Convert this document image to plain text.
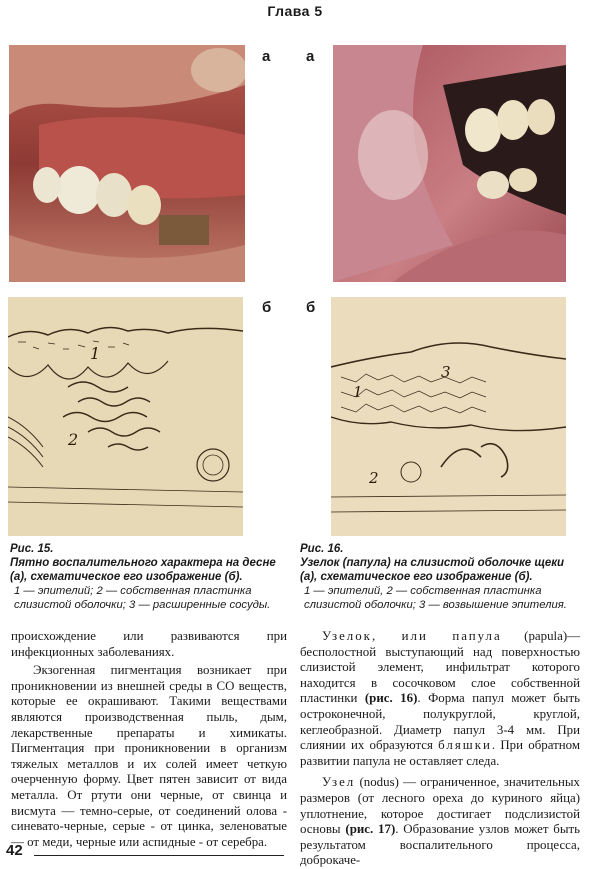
Глава 5
а
б
а
б
1
2
1
2
3
Рис. 15.
Пятно воспалительного характера на десне (а), схематическое его изображение (б).
1 — эпителий; 2 — собственная пластинка слизистой оболочки; 3 — расширенные сосуды.
Рис. 16.
Узелок (папула) на слизистой оболочке щеки (а), схематическое его изображение (б).
1 — эпителий, 2 — собственная пластинка слизистой оболочки; 3 — возвышение эпителия.

происхождение или развиваются при инфекционных заболеваниях.

Экзогенная пигментация возникает при проникновении из внешней среды в СО веществ, которые ее окрашивают. Такими веществами являются производственная пыль, дым, лекарственные препараты и химикаты. Пигментация при проникновении в организм тяжелых металлов и их солей имеет четкую очерченную форму. Цвет пятен зависит от вида металла. От ртути они черные, от свинца и висмута — темно-серые, от соединений олова - синевато-черные, серые - от цинка, зеленоватые — от меди, черные или аспидные - от серебра.

Узелок, или папула (papula)— бесполостной выступающий над поверхностью слизистой элемент, инфильтрат которого находится в сосочковом слое собственной пластинки (рис. 16). Форма папул может быть остроконечной, полукруглой, круглой, кеглеобразной. Диаметр папул 3-4 мм. При слиянии их образуются бляшки. При обратном развитии папула не оставляет следа.

Узел (nodus) — ограниченное, значительных размеров (от лесного ореха до куриного яйца) уплотнение, которое достигает подслизистой основы (рис. 17). Образование узлов может быть результатом воспалительного процесса, доброкаче-

42
